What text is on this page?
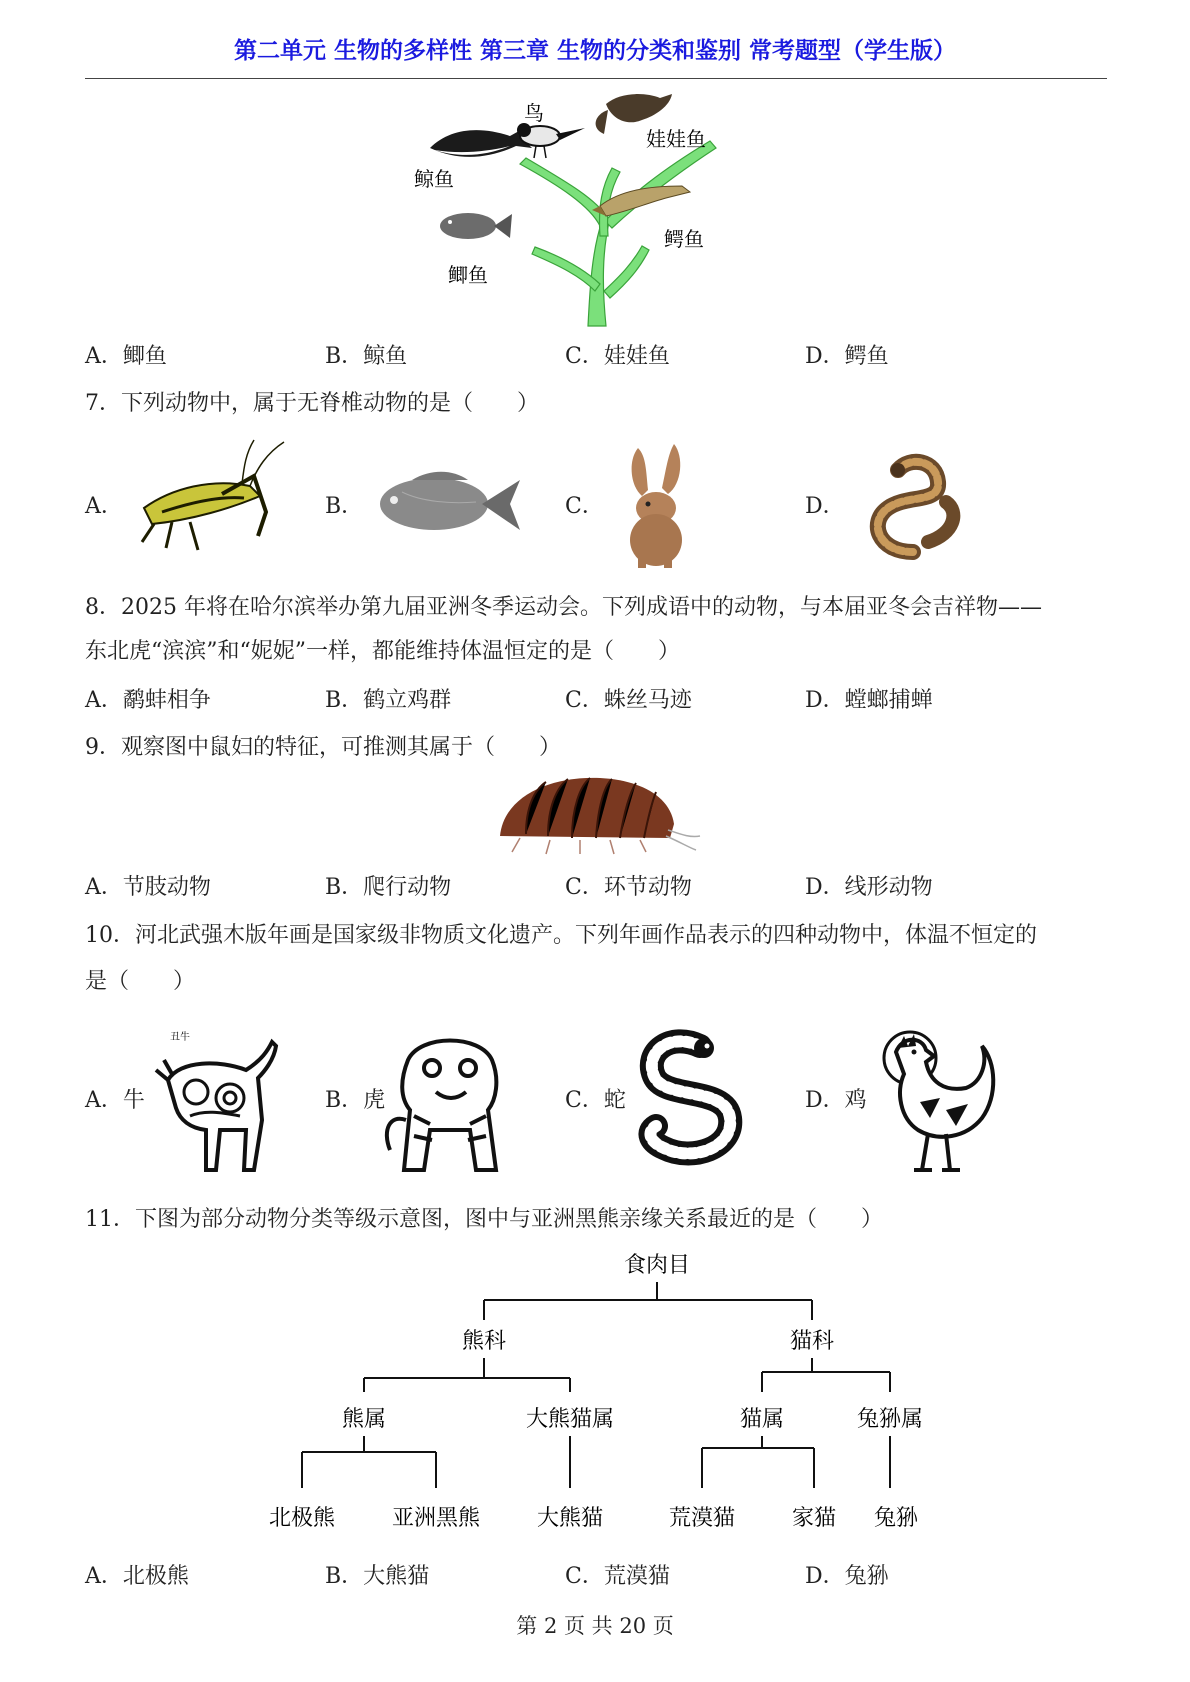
第二单元 生物的多样性 第三章 生物的分类和鉴别 常考题型（学生版）
鸟
娃娃鱼
鲸鱼
鳄鱼
鲫鱼
A．鲫鱼	B．鲸鱼	C．娃娃鱼	D．鳄鱼
7．下列动物中，属于无脊椎动物的是（　　）
A．	B．	C．	D．
8．2025 年将在哈尔滨举办第九届亚洲冬季运动会。下列成语中的动物，与本届亚冬会吉祥物——
东北虎“滨滨”和“妮妮”一样，都能维持体温恒定的是（　　）
A．鹬蚌相争	B．鹤立鸡群	C．蛛丝马迹	D．螳螂捕蝉
9．观察图中鼠妇的特征，可推测其属于（　　）
A．节肢动物	B．爬行动物	C．环节动物	D．线形动物
10．河北武强木版年画是国家级非物质文化遗产。下列年画作品表示的四种动物中，体温不恒定的
是（　　）
A．牛
丑牛
B．虎	C．蛇	D．鸡
11．下图为部分动物分类等级示意图，图中与亚洲黑熊亲缘关系最近的是（　　）
食肉目
熊科	猫科
熊属	大熊猫属	猫属	兔狲属
北极熊	亚洲黑熊	大熊猫	荒漠猫	家猫 兔狲
A．北极熊	B．大熊猫	C．荒漠猫	D．兔狲
第 2 页 共 20 页
